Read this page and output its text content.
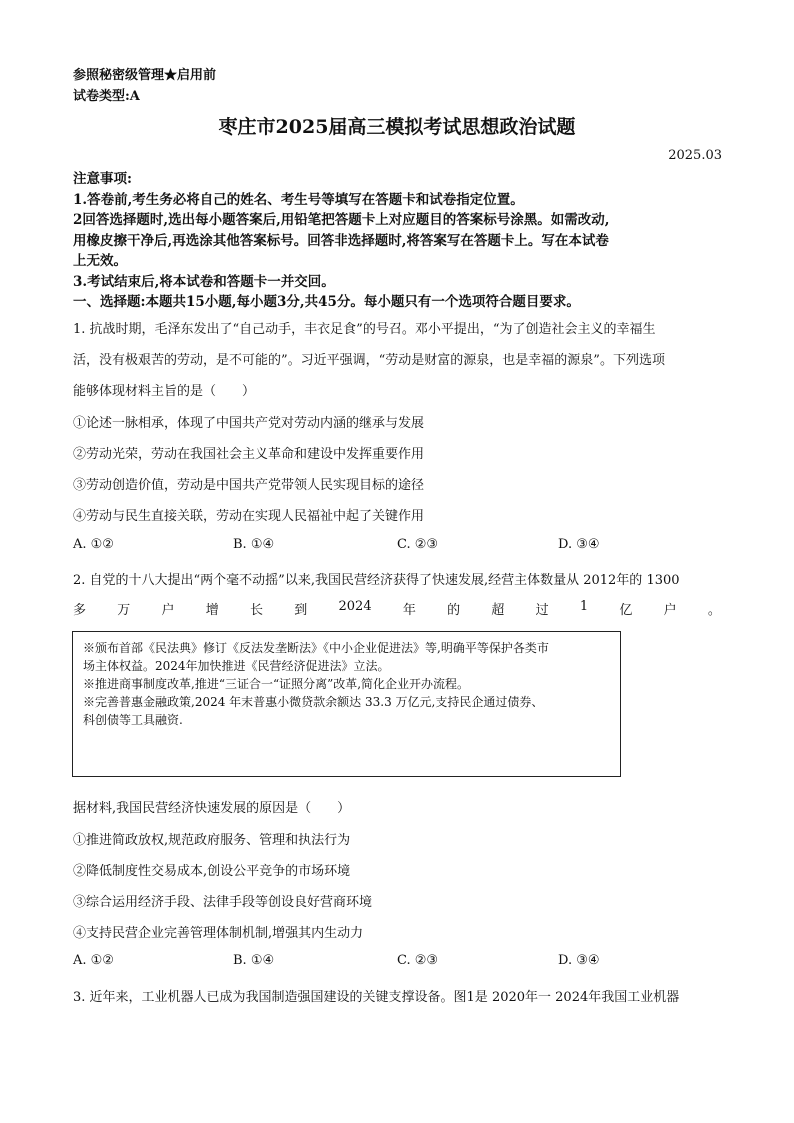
参照秘密级管理★启用前
试卷类型:A
枣庄市2025届高三模拟考试思想政治试题
2025.03
注意事项:
1.答卷前,考生务必将自己的姓名、考生号等填写在答题卡和试卷指定位置。
2回答选择题时,选出每小题答案后,用铅笔把答题卡上对应题目的答案标号涂黑。如需改动,
用橡皮擦干净后,再选涂其他答案标号。回答非选择题时,将答案写在答题卡上。写在本试卷
上无效。
3.考试结束后,将本试卷和答题卡一并交回。
一、选择题:本题共15小题,每小题3分,共45分。每小题只有一个选项符合题目要求。
1. 抗战时期，毛泽东发出了“自己动手，丰衣足食”的号召。邓小平提出，“为了创造社会主义的幸福生
活，没有极艰苦的劳动，是不可能的”。习近平强调，“劳动是财富的源泉，也是幸福的源泉”。下列选项
能够体现材料主旨的是（　　）
①论述一脉相承，体现了中国共产党对劳动内涵的继承与发展
②劳动光荣，劳动在我国社会主义革命和建设中发挥重要作用
③劳动创造价值，劳动是中国共产党带领人民实现目标的途径
④劳动与民生直接关联，劳动在实现人民福祉中起了关键作用
A. ①②	B. ①④	C. ②③	D. ③④
2. 自党的十八大提出“两个毫不动摇”以来,我国民营经济获得了快速发展,经营主体数量从 2012年的 1300
多 万 户 增 长 到 2024 年 的 超 过 1 亿 户 。
※颁布首部《民法典》修订《反法发垄断法》《中小企业促进法》等,明确平等保护各类市
场主体权益。2024年加快推进《民营经济促进法》立法。
※推进商事制度改革,推进“三证合一“证照分离”改革,简化企业开办流程。
※完善普惠金融政策,2024 年末普惠小微贷款余额达 33.3 万亿元,支持民企通过债券、
科创债等工具融资.
据材料,我国民营经济快速发展的原因是（　　）
①推进简政放权,规范政府服务、管理和执法行为
②降低制度性交易成本,创设公平竞争的市场环境
③综合运用经济手段、法律手段等创设良好营商环境
④支持民营企业完善管理体制机制,增强其内生动力
A. ①②	B. ①④	C. ②③	D. ③④
3. 近年来，工业机器人已成为我国制造强国建设的关键支撑设备。图1是 2020年一 2024年我国工业机器
